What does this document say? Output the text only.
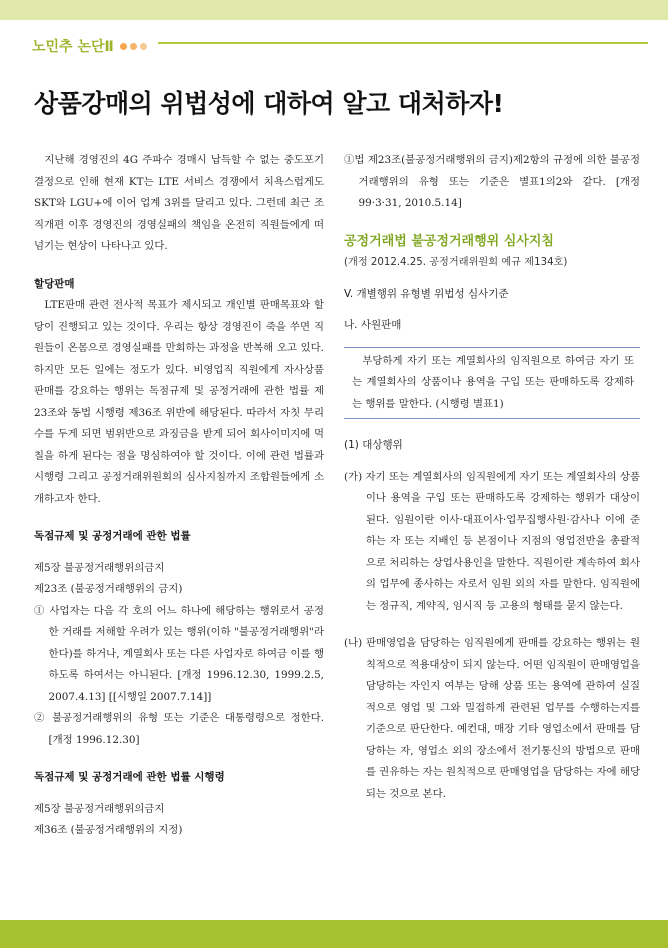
노민추 논단Ⅱ
상품강매의 위법성에 대하여 알고 대처하자!

지난해 경영진의 4G 주파수 경매시 납득할 수 없는 중도포기 결정으로 인해 현재 KT는 LTE 서비스 경쟁에서 치욕스럽게도 SKT와 LGU+에 이어 업계 3위를 달리고 있다. 그런데 최근 조직개편 이후 경영진의 경영실패의 책임을 온전히 직원들에게 떠넘기는 현상이 나타나고 있다.

할당판매

LTE판매 관련 전사적 목표가 제시되고 개인별 판매목표와 할당이 진행되고 있는 것이다. 우리는 항상 경영진이 죽을 쑤면 직원들이 온몸으로 경영실패를 만회하는 과정을 반복해 오고 있다. 하지만 모든 일에는 정도가 있다. 비영업직 직원에게 자사상품 판매를 강요하는 행위는 독점규제 및 공정거래에 관한 법률 제23조와 동법 시행령 제36조 위반에 해당된다. 따라서 자칫 무리수를 두게 되면 범위반으로 과징금을 받게 되어 회사이미지에 먹칠을 하게 된다는 점을 명심하여야 할 것이다. 이에 관련 법률과 시행령 그리고 공정거래위원회의 심사지침까지 조합원들에게 소개하고자 한다.

독점규제 및 공정거래에 관한 법률

제5장 불공정거래행위의금지

제23조 (불공정거래행위의 금지)

① 사업자는 다음 각 호의 어느 하나에 해당하는 행위로서 공정한 거래를 저해할 우려가 있는 행위(이하 "불공정거래행위"라 한다)를 하거나, 계열회사 또는 다른 사업자로 하여금 이를 행하도록 하여서는 아니된다. [개정 1996.12.30, 1999.2.5, 2007.4.13] [[시행일 2007.7.14]]

② 불공정거래행위의 유형 또는 기준은 대통령령으로 정한다. [개정 1996.12.30]

독점규제 및 공정거래에 관한 법률 시행령

제5장 불공정거래행위의금지

제36조 (불공정거래행위의 지정)

①법 제23조(불공정거래행위의 금지)제2항의 규정에 의한 불공정거래행위의 유형 또는 기준은 별표1의2와 같다. [개정 99·3·31, 2010.5.14]

공정거래법 불공정거래행위 심사지침
(개정 2012.4.25. 공정거래위원회 예규 제134호)
V. 개별행위 유형별 위법성 심사기준
나. 사원판매

부당하게 자기 또는 계열회사의 임직원으로 하여금 자기 또는 계열회사의 상품이나 용역을 구입 또는 판매하도록 강제하는 행위를 말한다. (시행령 별표1)

(1) 대상행위

(가) 자기 또는 계열회사의 임직원에게 자기 또는 계열회사의 상품이나 용역을 구입 또는 판매하도록 강제하는 행위가 대상이 된다. 임원이란 이사·대표이사·업무집행사원·감사나 이에 준하는 자 또는 지배인 등 본점이나 지점의 영업전반을 총괄적으로 처리하는 상업사용인을 말한다. 직원이란 계속하여 회사의 업무에 종사하는 자로서 임원 외의 자를 말한다. 임직원에는 정규직, 계약직, 임시직 등 고용의 형태를 묻지 않는다.

(나) 판매영업을 담당하는 임직원에게 판매를 강요하는 행위는 원칙적으로 적용대상이 되지 않는다. 어떤 임직원이 판매영업을 담당하는 자인지 여부는 당해 상품 또는 용역에 관하여 실질적으로 영업 및 그와 밀접하게 관련된 업무를 수행하는지를 기준으로 판단한다. 예컨대, 매장 기타 영업소에서 판매를 담당하는 자, 영업소 외의 장소에서 전기통신의 방법으로 판매를 권유하는 자는 원칙적으로 판매영업을 담당하는 자에 해당되는 것으로 본다.
